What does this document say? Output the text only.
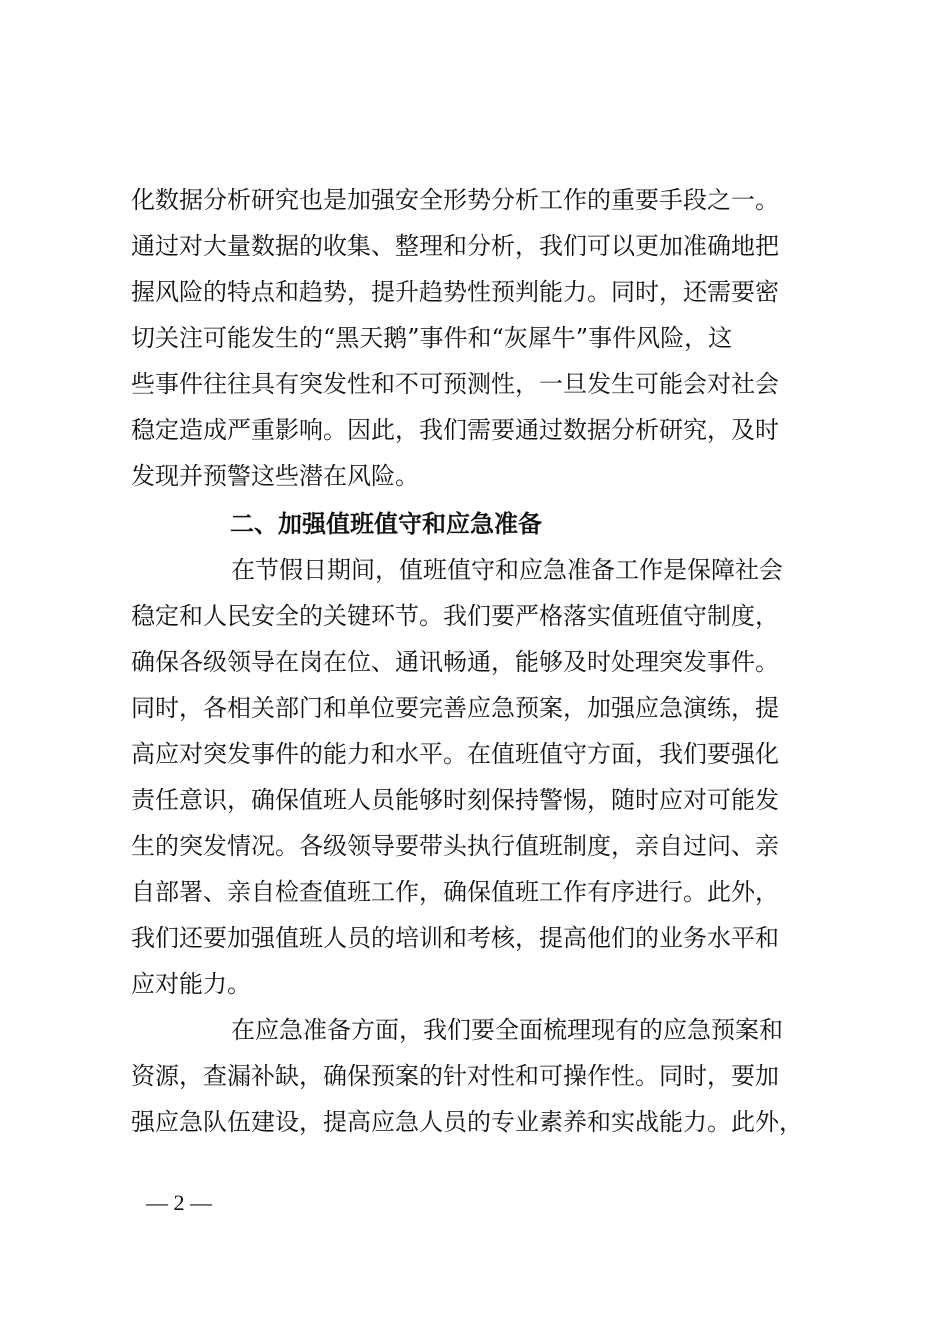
化数据分析研究也是加强安全形势分析工作的重要手段之一。
通过对大量数据的收集、整理和分析，我们可以更加准确地把
握风险的特点和趋势，提升趋势性预判能力。同时，还需要密
切关注可能发生的“黑天鹅”事件和“灰犀牛”事件风险，这
些事件往往具有突发性和不可预测性，一旦发生可能会对社会
稳定造成严重影响。因此，我们需要通过数据分析研究，及时
发现并预警这些潜在风险。
二、加强值班值守和应急准备
在节假日期间，值班值守和应急准备工作是保障社会
稳定和人民安全的关键环节。我们要严格落实值班值守制度，
确保各级领导在岗在位、通讯畅通，能够及时处理突发事件。
同时，各相关部门和单位要完善应急预案，加强应急演练，提
高应对突发事件的能力和水平。在值班值守方面，我们要强化
责任意识，确保值班人员能够时刻保持警惕，随时应对可能发
生的突发情况。各级领导要带头执行值班制度，亲自过问、亲
自部署、亲自检查值班工作，确保值班工作有序进行。此外，
我们还要加强值班人员的培训和考核，提高他们的业务水平和
应对能力。
在应急准备方面，我们要全面梳理现有的应急预案和
资源，查漏补缺，确保预案的针对性和可操作性。同时，要加
强应急队伍建设，提高应急人员的专业素养和实战能力。此外，
— 2 —
